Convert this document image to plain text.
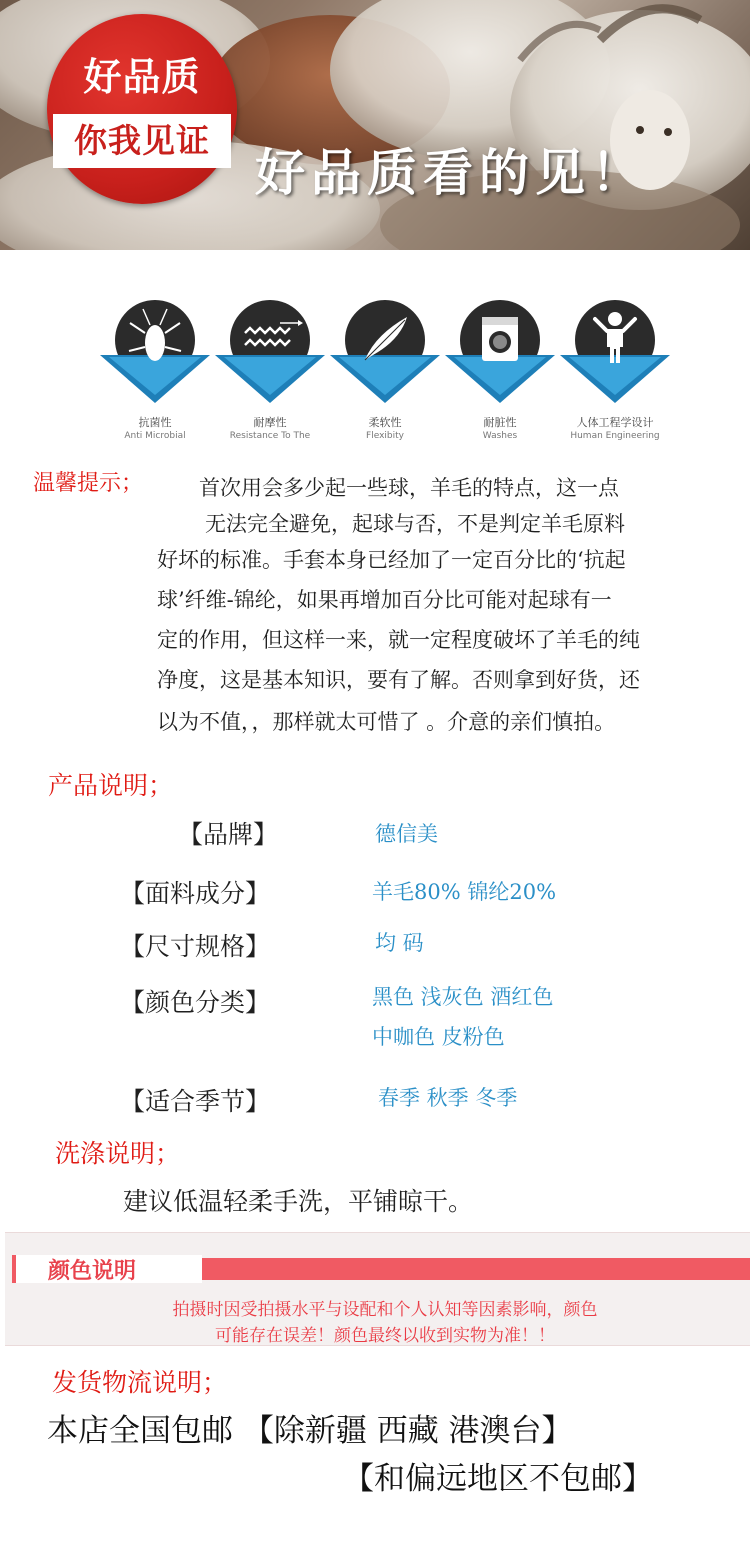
好品质
你我见证
好品质看的见！
抗菌性
Anti Microbial
耐摩性
Resistance To The
柔软性
Flexibity
耐脏性
Washes
人体工程学设计
Human Engineering
温馨提示；	首次用会多少起一些球，羊毛的特点，这一点
无法完全避免，起球与否，不是判定羊毛原料
好坏的标准。手套本身已经加了一定百分比的‘抗起
球’纤维-锦纶，如果再增加百分比可能对起球有一
定的作用，但这样一来，就一定程度破坏了羊毛的纯
净度，这是基本知识，要有了解。否则拿到好货，还
以为不值，，那样就太可惜了 。介意的亲们慎拍。
产品说明；
【品牌】	德信美
【面料成分】	羊毛80% 锦纶20%
【尺寸规格】	均 码
【颜色分类】	黑色 浅灰色 酒红色
中咖色 皮粉色
【适合季节】	春季 秋季 冬季
洗涤说明；
建议低温轻柔手洗，平铺晾干。
颜色说明
拍摄时因受拍摄水平与设配和个人认知等因素影响，颜色
可能存在误差！颜色最终以收到实物为准！！
发货物流说明；
本店全国包邮 【除新疆 西藏 港澳台】
【和偏远地区不包邮】
